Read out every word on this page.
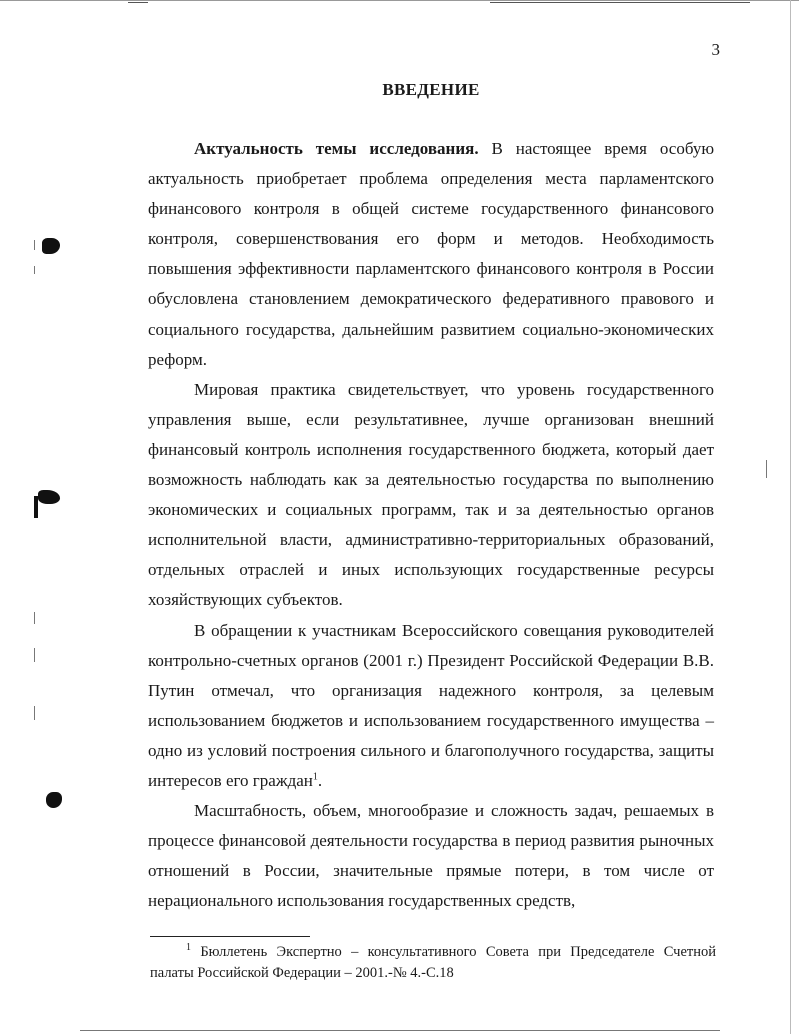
3
ВВЕДЕНИЕ

Актуальность темы исследования. В настоящее время особую актуальность приобретает проблема определения места парламентского финансового контроля в общей системе государственного финансового контроля, совершенствования его форм и методов. Необходимость повышения эффективности парламентского финансового контроля в России обусловлена становлением демократического федеративного правового и социального государства, дальнейшим развитием социально-экономических реформ.

Мировая практика свидетельствует, что уровень государственного управления выше, если результативнее, лучше организован внешний финансовый контроль исполнения государственного бюджета, который дает возможность наблюдать как за деятельностью государства по выполнению экономических и социальных программ, так и за деятельностью органов исполнительной власти, административно-территориальных образований, отдельных отраслей и иных использующих государственные ресурсы хозяйствующих субъектов.

В обращении к участникам Всероссийского совещания руководителей контрольно-счетных органов (2001 г.) Президент Российской Федерации В.В. Путин отмечал, что организация надежного контроля, за целевым использованием бюджетов и использованием государственного имущества – одно из условий построения сильного и благополучного государства, защиты интересов его граждан$^1$.

Масштабность, объем, многообразие и сложность задач, решаемых в процессе финансовой деятельности государства в период развития рыночных отношений в России, значительные прямые потери, в том числе от нерационального использования государственных средств,

$^1$ Бюллетень Экспертно – консультативного Совета при Председателе Счетной палаты Российской Федерации – 2001.-№ 4.-С.18
